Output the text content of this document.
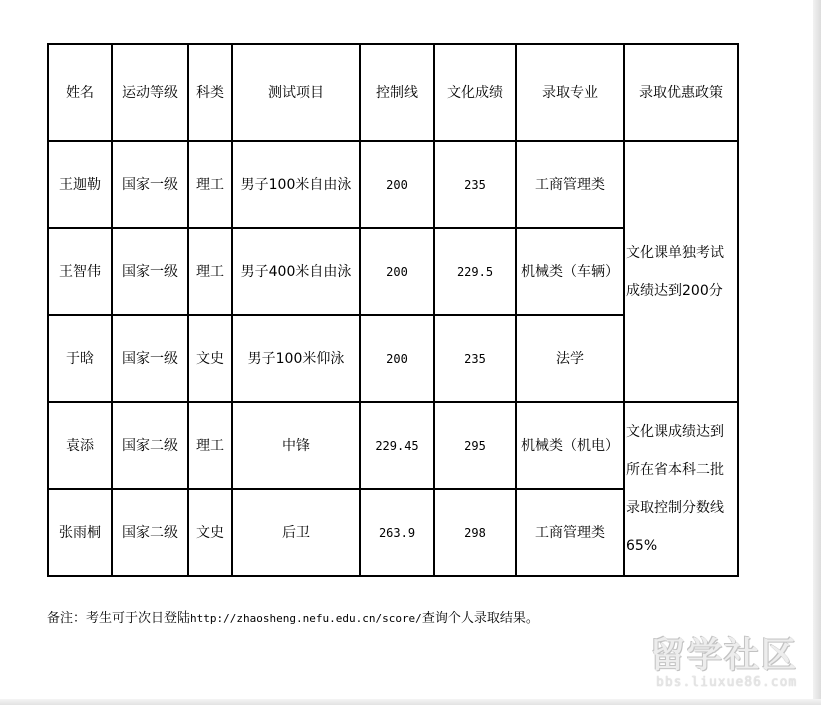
姓名	运动等级	科类	测试项目	控制线	文化成绩	录取专业	录取优惠政策
王迦勒	国家一级	理工	男子100米自由泳	200	235	工商管理类	文化课单独考试成绩达到200分
王智伟	国家一级	理工	男子400米自由泳	200	229.5	机械类（车辆）	
于晗	国家一级	文史	男子100米仰泳	200	235	法学	
袁添	国家二级	理工	中锋	229.45	295	机械类（机电）	文化课成绩达到所在省本科二批录取控制分数线65%
张雨桐	国家二级	文史	后卫	263.9	298	工商管理类	
备注：考生可于次日登陆http://zhaosheng.nefu.edu.cn/score/查询个人录取结果。
留学社区
bbs.liuxue86.com
